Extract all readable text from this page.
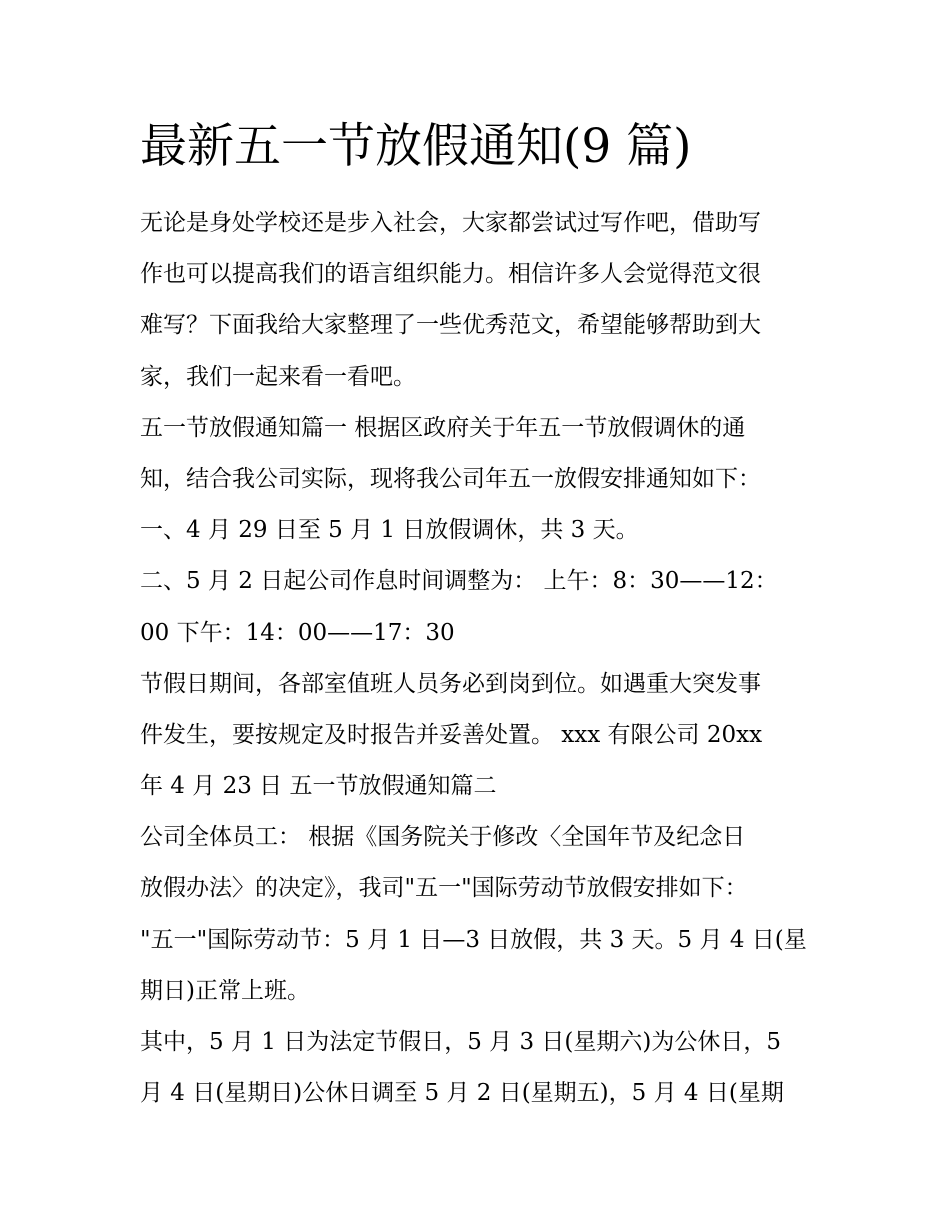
最新五一节放假通知(9 篇)
无论是身处学校还是步入社会，大家都尝试过写作吧，借助写
作也可以提高我们的语言组织能力。相信许多人会觉得范文很
难写？下面我给大家整理了一些优秀范文，希望能够帮助到大
家，我们一起来看一看吧。
五一节放假通知篇一 根据区政府关于年五一节放假调休的通
知，结合我公司实际，现将我公司年五一放假安排通知如下：
一、4 月 29 日至 5 月 1 日放假调休，共 3 天。
二、5 月 2 日起公司作息时间调整为： 上午：8：30——12：
00 下午：14：00——17：30
节假日期间，各部室值班人员务必到岗到位。如遇重大突发事
件发生，要按规定及时报告并妥善处置。 xxx 有限公司 20xx
年 4 月 23 日 五一节放假通知篇二
公司全体员工： 根据《国务院关于修改〈全国年节及纪念日
放假办法〉的决定》，我司"五一"国际劳动节放假安排如下：
"五一"国际劳动节：5 月 1 日—3 日放假，共 3 天。5 月 4 日(星
期日)正常上班。
其中，5 月 1 日为法定节假日，5 月 3 日(星期六)为公休日，5
月 4 日(星期日)公休日调至 5 月 2 日(星期五)，5 月 4 日(星期
